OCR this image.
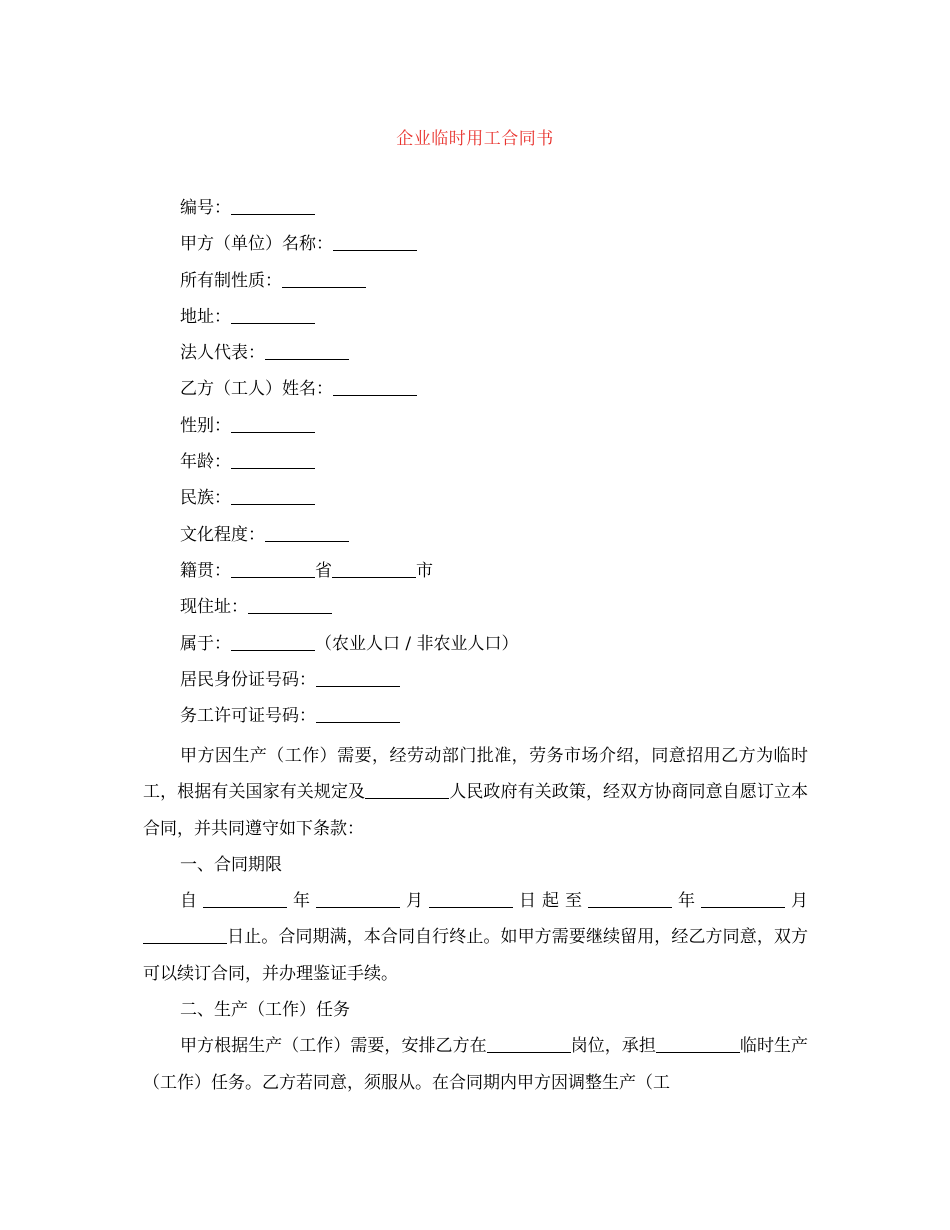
企业临时用工合同书
编号：
甲方（单位）名称：
所有制性质：
地址：
法人代表：
乙方（工人）姓名：
性别：
年龄：
民族：
文化程度：
籍贯：	省	市
现住址：
属于：	（农业人口 / 非农业人口）
居民身份证号码：
务工许可证号码：

甲方因生产（工作）需要，经劳动部门批准，劳务市场介绍，同意招用乙方为临时工，根据有关国家有关规定及	人民政府有关政策，经双方协商同意自愿订立本合同，并共同遵守如下条款：

一、合同期限

自	年	月	日起至	年	月日止。合同期满，本合同自行终止。如甲方需要继续留用，经乙方同意，双方可以续订合同，并办理鉴证手续。

二、生产（工作）任务

甲方根据生产（工作）需要，安排乙方在	岗位，承担	临时生产（工作）任务。乙方若同意，须服从。在合同期内甲方因调整生产（工
